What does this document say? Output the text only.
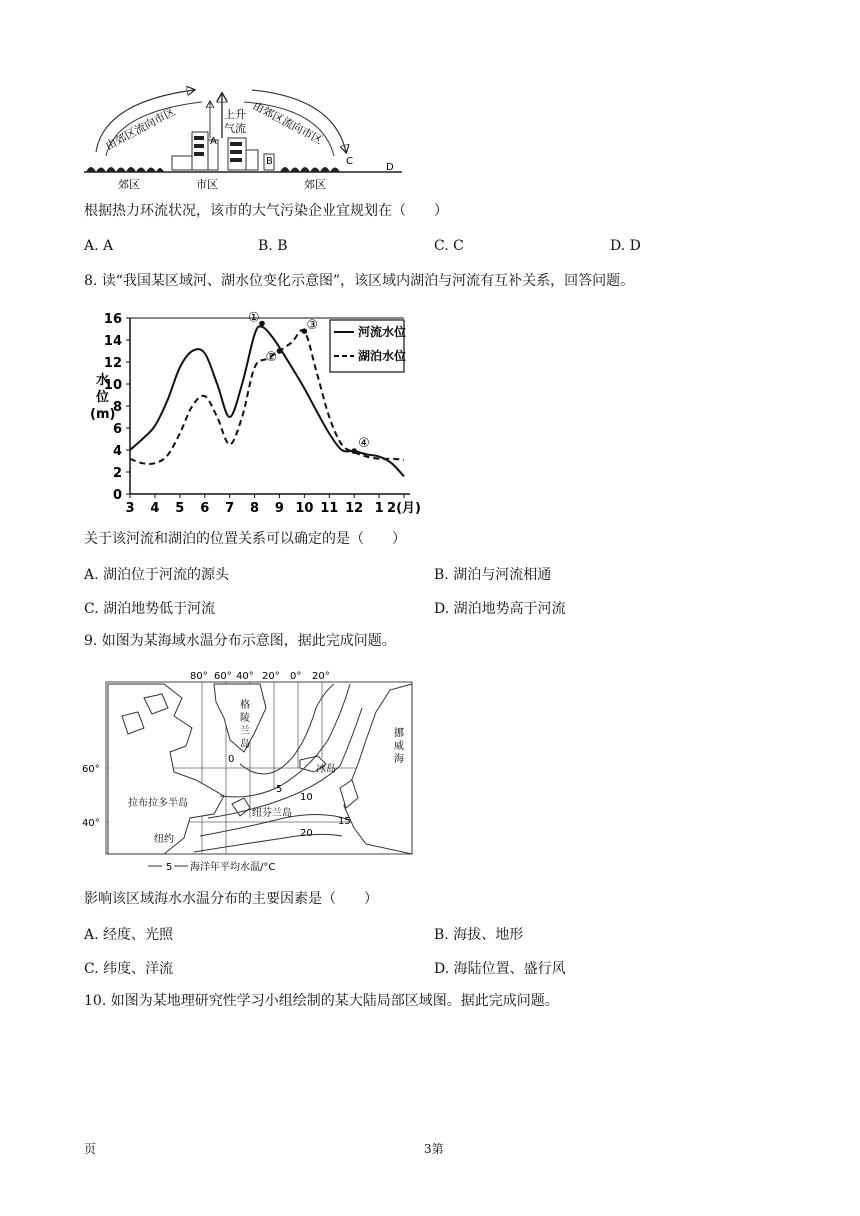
由郊区流向市区	由郊区流向市区
上升
气流
A
B	C
D
郊区	市区	郊区
根据热力环流状况，该市的大气污染企业宜规划在（　　）
A. A	B. B	C. C	D. D
8. 读“我国某区域河、湖水位变化示意图”，该区域内湖泊与河流有互补关系，回答问题。
0
2
4
6
8
10
12
14
16
水
位
(m)
3 4 5 6 7 8 9 10 11 12 1 2(月)
①
②
③
④
河流水位
湖泊水位
关于该河流和湖泊的位置关系可以确定的是（　　）
A. 湖泊位于河流的源头	B. 湖泊与河流相通
C. 湖泊地势低于河流	D. 湖泊地势高于河流
9. 如图为某海域水温分布示意图，据此完成问题。
80° 60° 40° 20° 0° 20°
60°
40°
0
5
10
15
20
格
陵
兰
岛
冰岛
挪
威
海
拉布拉多半岛
纽芬兰岛
纽约
5 海洋年平均水温/°C
影响该区域海水水温分布的主要因素是（　　）
A. 经度、光照	B. 海拔、地形
C. 纬度、洋流	D. 海陆位置、盛行风
10. 如图为某地理研究性学习小组绘制的某大陆局部区域图。据此完成问题。
页	3第
